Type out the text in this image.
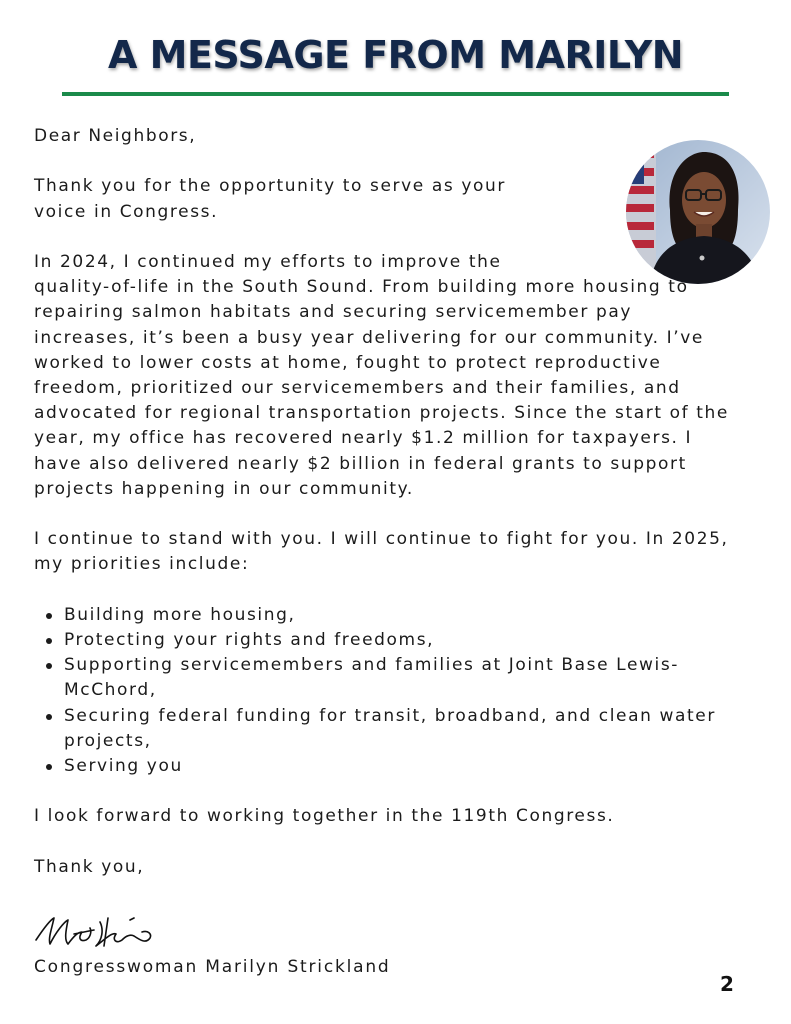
A MESSAGE FROM MARILYN

Dear Neighbors,

Thank you for the opportunity to serve as your voice in Congress.

In 2024, I continued my efforts to improve the
quality-of-life in the South Sound. From building more housing to repairing salmon habitats and securing servicemember pay increases, it’s been a busy year delivering for our community. I’ve worked to lower costs at home, fought to protect reproductive freedom, prioritized our servicemembers and their families, and advocated for regional transportation projects. Since the start of the year, my office has recovered nearly $1.2 million for taxpayers. I have also delivered nearly $2 billion in federal grants to support projects happening in our community.

I continue to stand with you. I will continue to fight for you. In 2025, my priorities include:

Building more housing,
Protecting your rights and freedoms,
Supporting servicemembers and families at Joint Base Lewis-McChord,
Securing federal funding for transit, broadband, and clean water projects,
Serving you

I look forward to working together in the 119th Congress.

Thank you,

Congresswoman Marilyn Strickland

2
